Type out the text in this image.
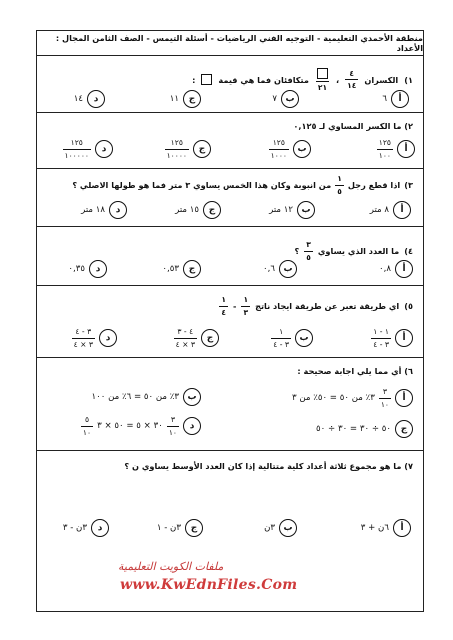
منطقة الأحمدي التعليمية - التوجيه الفني الرياضيات - أسئلة التيمس - الصف الثامن المجال : الأعداد
١)
الكسران
$\frac{٤}{١٤}$
،
٢١
متكافئان فما هي قيمة
:
أ
٦
ب
٧
ج
١١
د
١٤
٢) ما الكسر المساوي لـ ٠,١٢٥
أ
$\frac{١٢٥}{١٠٠}$
ب
$\frac{١٢٥}{١٠٠٠}$
ج
$\frac{١٢٥}{١٠٠٠٠}$
د
$\frac{١٢٥}{١٠٠٠٠٠}$
٣)
اذا قطع رجل
$\frac{١}{٥}$
من انبوبة وكان هذا الخمس يساوي ٣ متر فما هو طولها الاصلي ؟
أ
٨ متر
ب
١٢ متر
ج
١٥ متر
د
١٨ متر
٤)
ما العدد الذي يساوي
$\frac{٣}{٥}$
؟
أ
٠,٨
ب
٠,٦
ج
٠,٥٣
د
٠,٣٥
٥)
اي طريقة تعبر عن طريقة ايجاد ناتج
$\frac{١}{٣}$
-
$\frac{١}{٤}$
أ
$\frac{١ - ١}{٣ - ٤}$
ب
$\frac{١}{٣ - ٤}$
ج
$\frac{٤ - ٣}{٣ \times ٤}$
د
$\frac{٣ - ٤}{٣ \times ٤}$
٦) أي مما يلي اجابة صحيحة :
أ
$\frac{٣}{١٠}$
٣٪ من ٥٠ = ٥٠٪ من ٣
ب
٣٪ من ٥٠ = ٦٪ من ١٠٠
ج
٥٠ ÷ ٣٠ = ٣٠ ÷ ٥٠
د
$\frac{٣}{١٠}$
٣٠ × ٥ = ٥٠ × ٣
$\frac{٥}{١٠}$
٧) ما هو مجموع ثلاثة أعداد كلية متتالية إذا كان العدد الأوسط يساوي ن ؟
أ
٦ن + ٣
ب
٣ن
ج
٣ن - ١
د
٣ن - ٣
ملفات الكويت التعليمية
www.KwEdnFiles.Com
